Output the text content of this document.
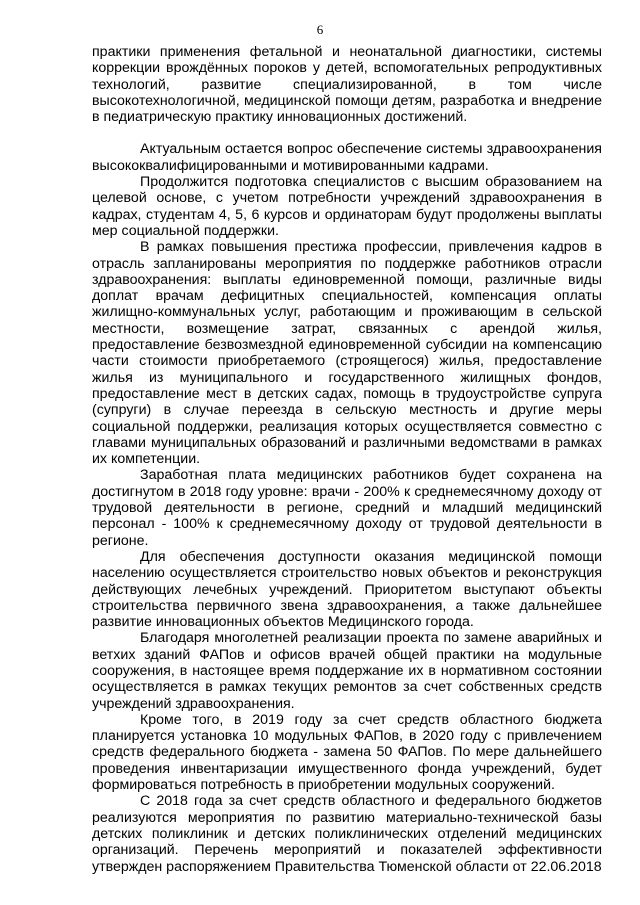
6

практики применения фетальной и неонатальной диагностики, системы коррекции врождённых пороков у детей, вспомогательных репродуктивных технологий, развитие специализированной, в том числе высокотехнологичной, медицинской помощи детям, разработка и внедрение в педиатрическую практику инновационных достижений.

Актуальным остается вопрос обеспечение системы здравоохранения высококвалифицированными и мотивированными кадрами.

Продолжится подготовка специалистов с высшим образованием на целевой основе, с учетом потребности учреждений здравоохранения в кадрах, студентам 4, 5, 6 курсов и ординаторам будут продолжены выплаты мер социальной поддержки.

В рамках повышения престижа профессии, привлечения кадров в отрасль запланированы мероприятия по поддержке работников отрасли здравоохранения: выплаты единовременной помощи, различные виды доплат врачам дефицитных специальностей, компенсация оплаты жилищно-коммунальных услуг, работающим и проживающим в сельской местности, возмещение затрат, связанных с арендой жилья, предоставление безвозмездной единовременной субсидии на компенсацию части стоимости приобретаемого (строящегося) жилья, предоставление жилья из муниципального и государственного жилищных фондов, предоставление мест в детских садах, помощь в трудоустройстве супруга (супруги) в случае переезда в сельскую местность и другие меры социальной поддержки, реализация которых осуществляется совместно с главами муниципальных образований и различными ведомствами в рамках их компетенции.

Заработная плата медицинских работников будет сохранена на достигнутом в 2018 году уровне: врачи - 200% к среднемесячному доходу от трудовой деятельности в регионе, средний и младший медицинский персонал - 100% к среднемесячному доходу от трудовой деятельности в регионе.

Для обеспечения доступности оказания медицинской помощи населению осуществляется строительство новых объектов и реконструкция действующих лечебных учреждений. Приоритетом выступают объекты строительства первичного звена здравоохранения, а также дальнейшее развитие инновационных объектов Медицинского города.

Благодаря многолетней реализации проекта по замене аварийных и ветхих зданий ФАПов и офисов врачей общей практики на модульные сооружения, в настоящее время поддержание их в нормативном состоянии осуществляется в рамках текущих ремонтов за счет собственных средств учреждений здравоохранения.

Кроме того, в 2019 году за счет средств областного бюджета планируется установка 10 модульных ФАПов, в 2020 году с привлечением средств федерального бюджета - замена 50 ФАПов. По мере дальнейшего проведения инвентаризации имущественного фонда учреждений, будет формироваться потребность в приобретении модульных сооружений.

С 2018 года за счет средств областного и федерального бюджетов реализуются мероприятия по развитию материально-технической базы детских поликлиник и детских поликлинических отделений медицинских организаций. Перечень мероприятий и показателей эффективности утвержден распоряжением Правительства Тюменской области от 22.06.2018
